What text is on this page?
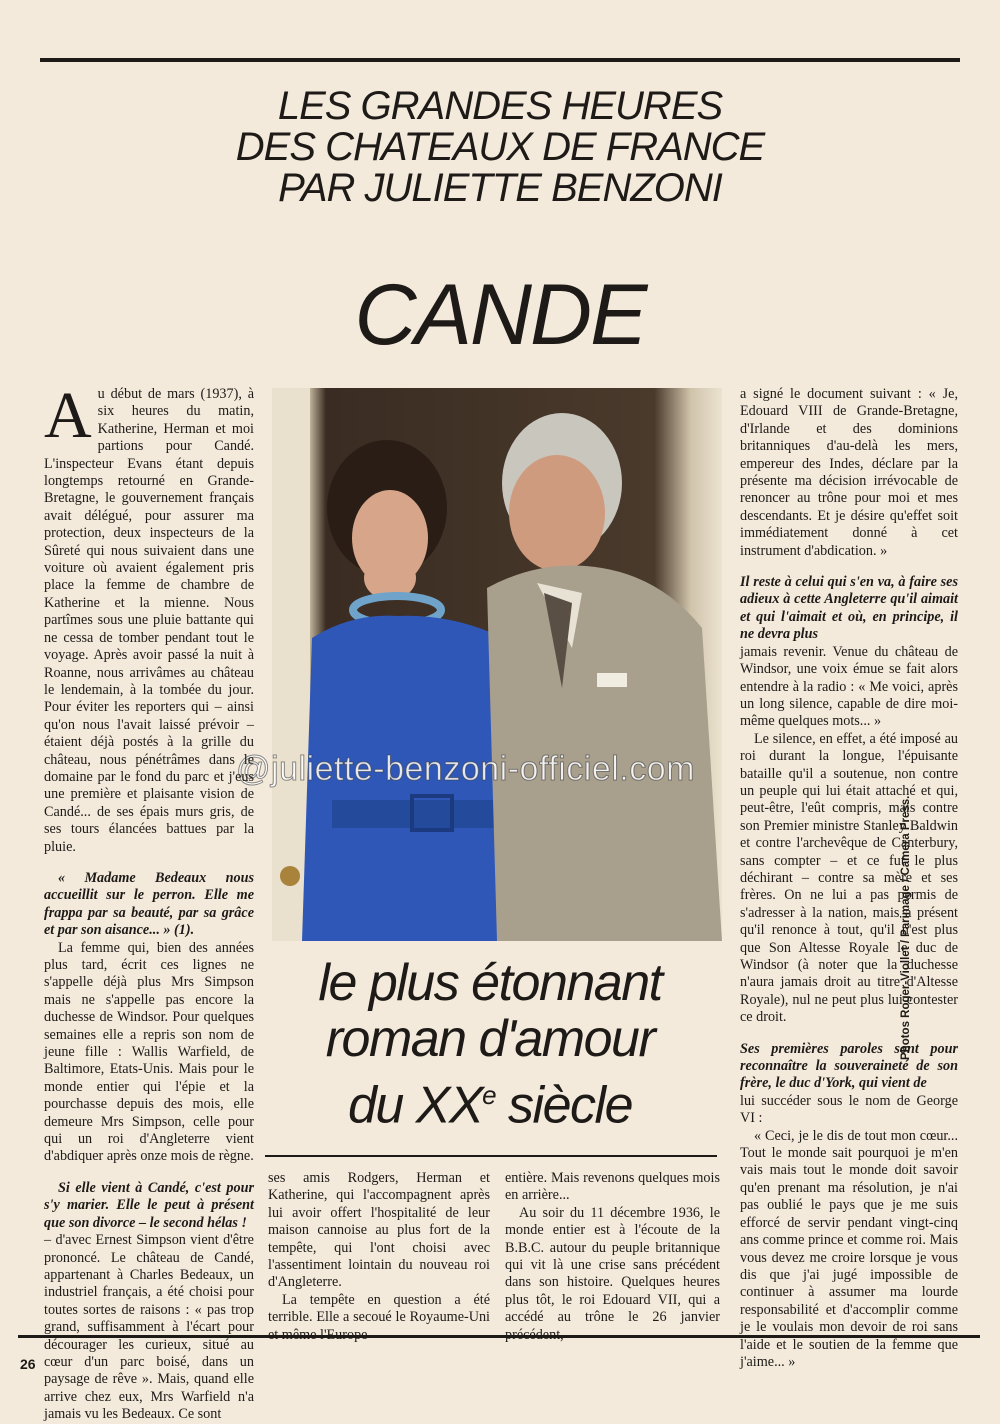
LES GRANDES HEURES
DES CHATEAUX DE FRANCE
PAR JULIETTE BENZONI
CANDE
@juliette-benzoni-officiel.com
le plus étonnant
roman d'amour
du XXe siècle

Au début de mars (1937), à six heures du matin, Katherine, Herman et moi partions pour Candé. L'inspecteur Evans étant depuis longtemps retourné en Grande-Bretagne, le gouvernement français avait délégué, pour assurer ma protection, deux inspecteurs de la Sûreté qui nous suivaient dans une voiture où avaient également pris place la femme de chambre de Katherine et la mienne. Nous partîmes sous une pluie battante qui ne cessa de tomber pendant tout le voyage. Après avoir passé la nuit à Roanne, nous arrivâmes au château le lendemain, à la tombée du jour. Pour éviter les reporters qui – ainsi qu'on nous l'avait laissé prévoir – étaient déjà postés à la grille du château, nous pénétrâmes dans le domaine par le fond du parc et j'eus une première et plaisante vision de Candé... de ses épais murs gris, de ses tours élancées battues par la pluie.

« Madame Bedeaux nous accueillit sur le perron. Elle me frappa par sa beauté, par sa grâce et par son aisance... » (1).

La femme qui, bien des années plus tard, écrit ces lignes ne s'appelle déjà plus Mrs Simpson mais ne s'appelle pas encore la duchesse de Windsor. Pour quelques semaines elle a repris son nom de jeune fille : Wallis Warfield, de Baltimore, Etats-Unis. Mais pour le monde entier qui l'épie et la pourchasse depuis des mois, elle demeure Mrs Simpson, celle pour qui un roi d'Angleterre vient d'abdiquer après onze mois de règne.

Si elle vient à Candé, c'est pour s'y marier. Elle le peut à présent que son divorce – le second hélas !

– d'avec Ernest Simpson vient d'être prononcé. Le château de Candé, appartenant à Charles Bedeaux, un industriel français, a été choisi pour toutes sortes de raisons : « pas trop grand, suffisamment à l'écart pour décourager les curieux, situé au cœur d'un parc boisé, dans un paysage de rêve ». Mais, quand elle arrive chez eux, Mrs Warfield n'a jamais vu les Bedeaux. Ce sont

ses amis Rodgers, Herman et Katherine, qui l'accompagnent après lui avoir offert l'hospitalité de leur maison cannoise au plus fort de la tempête, qui l'ont choisi avec l'assentiment lointain du nouveau roi d'Angleterre.

La tempête en question a été terrible. Elle a secoué le Royaume-Uni et même l'Europe

entière. Mais revenons quelques mois en arrière...

Au soir du 11 décembre 1936, le monde entier est à l'écoute de la B.B.C. autour du peuple britannique qui vit là une crise sans précédent dans son histoire. Quelques heures plus tôt, le roi Edouard VII, qui a accédé au trône le 26 janvier précédent,

a signé le document suivant : « Je, Edouard VIII de Grande-Bretagne, d'Irlande et des dominions britanniques d'au-delà les mers, empereur des Indes, déclare par la présente ma décision irrévocable de renoncer au trône pour moi et mes descendants. Et je désire qu'effet soit immédiatement donné à cet instrument d'abdication. »

Il reste à celui qui s'en va, à faire ses adieux à cette Angleterre qu'il aimait et qui l'aimait et où, en principe, il ne devra plus

jamais revenir. Venue du château de Windsor, une voix émue se fait alors entendre à la radio : « Me voici, après un long silence, capable de dire moi-même quelques mots... »

Le silence, en effet, a été imposé au roi durant la longue, l'épuisante bataille qu'il a soutenue, non contre un peuple qui lui était attaché et qui, peut-être, l'eût compris, mais contre son Premier ministre Stanley Baldwin et contre l'archevêque de Canterbury, sans compter – et ce fut le plus déchirant – contre sa mère et ses frères. On ne lui a pas permis de s'adresser à la nation, mais à présent qu'il renonce à tout, qu'il n'est plus que Son Altesse Royale le duc de Windsor (à noter que la duchesse n'aura jamais droit au titre d'Altesse Royale), nul ne peut plus lui contester ce droit.

Ses premières paroles sont pour reconnaître la souveraineté de son frère, le duc d'York, qui vient de

lui succéder sous le nom de George VI :

« Ceci, je le dis de tout mon cœur... Tout le monde sait pourquoi je m'en vais mais tout le monde doit savoir qu'en prenant ma résolution, je n'ai pas oublié le pays que je me suis efforcé de servir pendant vingt-cinq ans comme prince et comme roi. Mais vous devez me croire lorsque je vous dis que j'ai jugé impossible de continuer à assumer ma lourde responsabilité et d'accomplir comme je le voulais mon devoir de roi sans l'aide et le soutien de la femme que j'aime... »

Photos Roger-Viollet / Parimage / Camera Press.
26
